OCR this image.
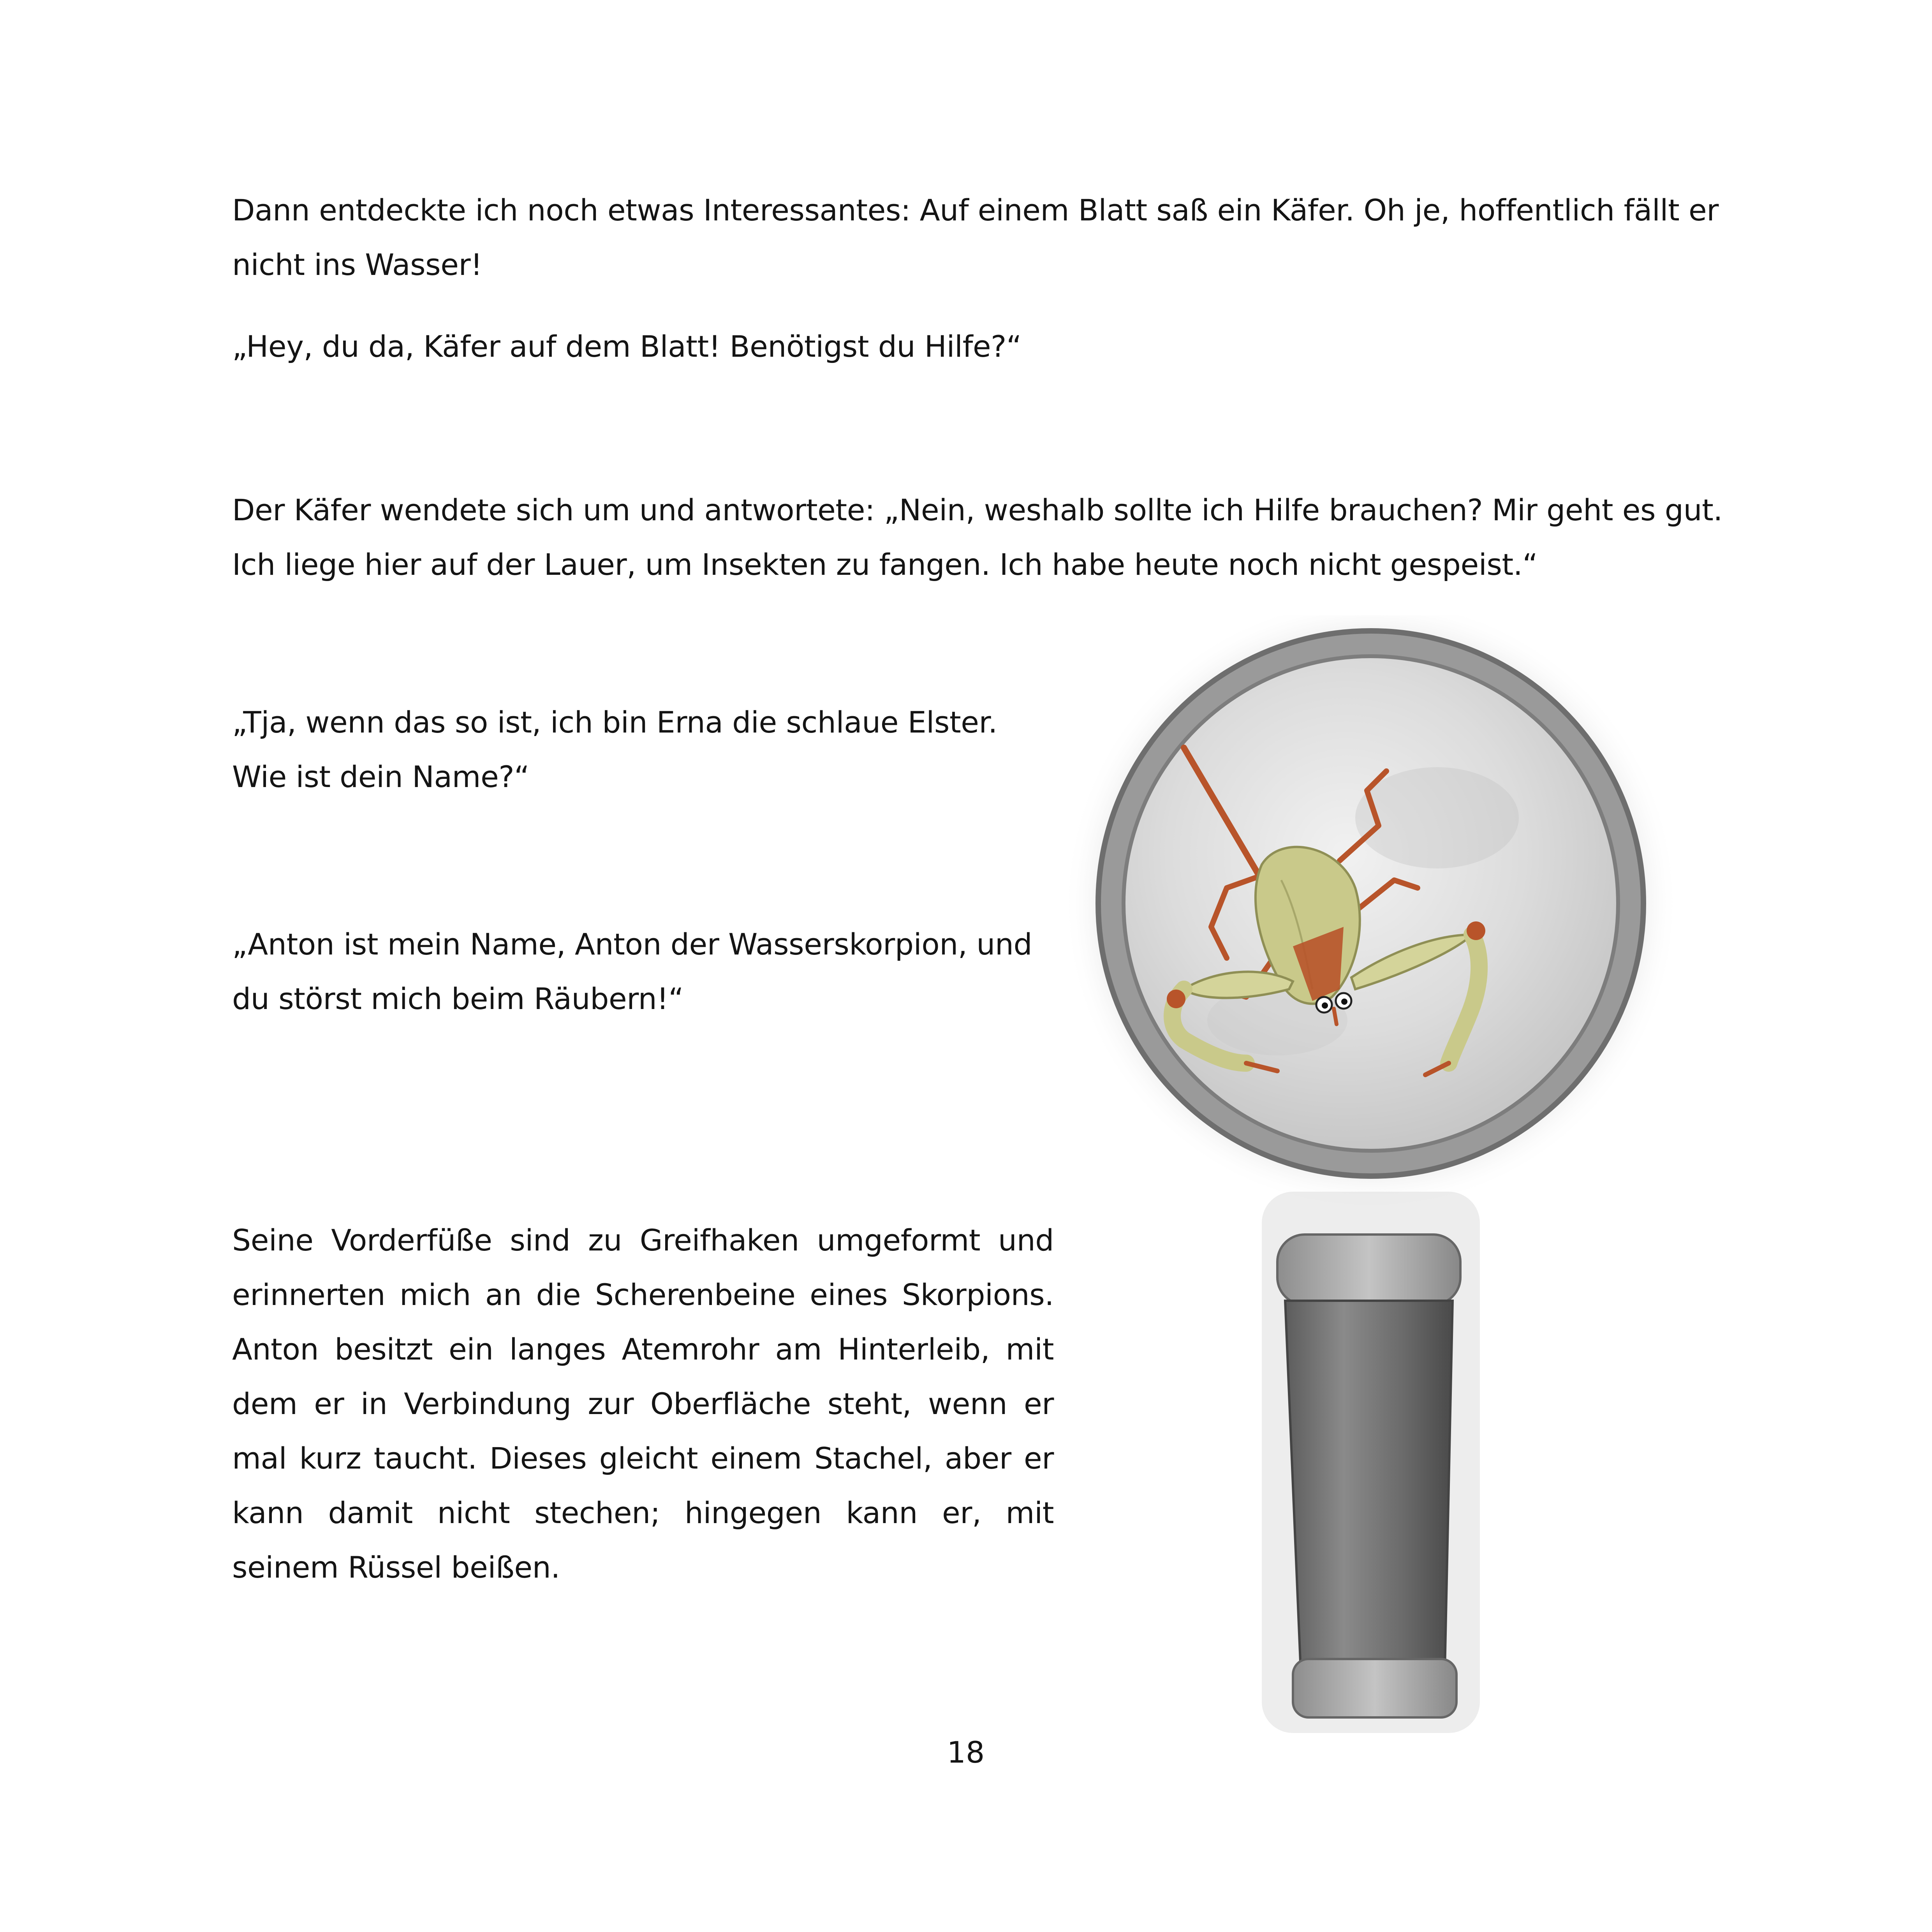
Dann entdeckte ich noch etwas Interessantes: Auf einem Blatt saß ein Käfer. Oh je, hoffentlich fällt er nicht ins Wasser!

„Hey, du da, Käfer auf dem Blatt! Benötigst du Hilfe?“

Der Käfer wendete sich um und antwortete: „Nein, weshalb sollte ich Hilfe brauchen? Mir geht es gut. Ich liege hier auf der Lauer, um Insekten zu fangen. Ich habe heute noch nicht gespeist.“

„Tja, wenn das so ist, ich bin Erna die schlaue Elster. Wie ist dein Name?“

„Anton ist mein Name, Anton der Wasserskorpion, und du störst mich beim Räubern!“

Seine Vorderfüße sind zu Greifhaken umgeformt und erinnerten mich an die Scherenbeine eines Skorpions. Anton besitzt ein langes Atemrohr am Hinterleib, mit dem er in Verbindung zur Oberfläche steht, wenn er mal kurz taucht. Dieses gleicht einem Stachel, aber er kann damit nicht stechen; hingegen kann er, mit seinem Rüssel beißen.

18
